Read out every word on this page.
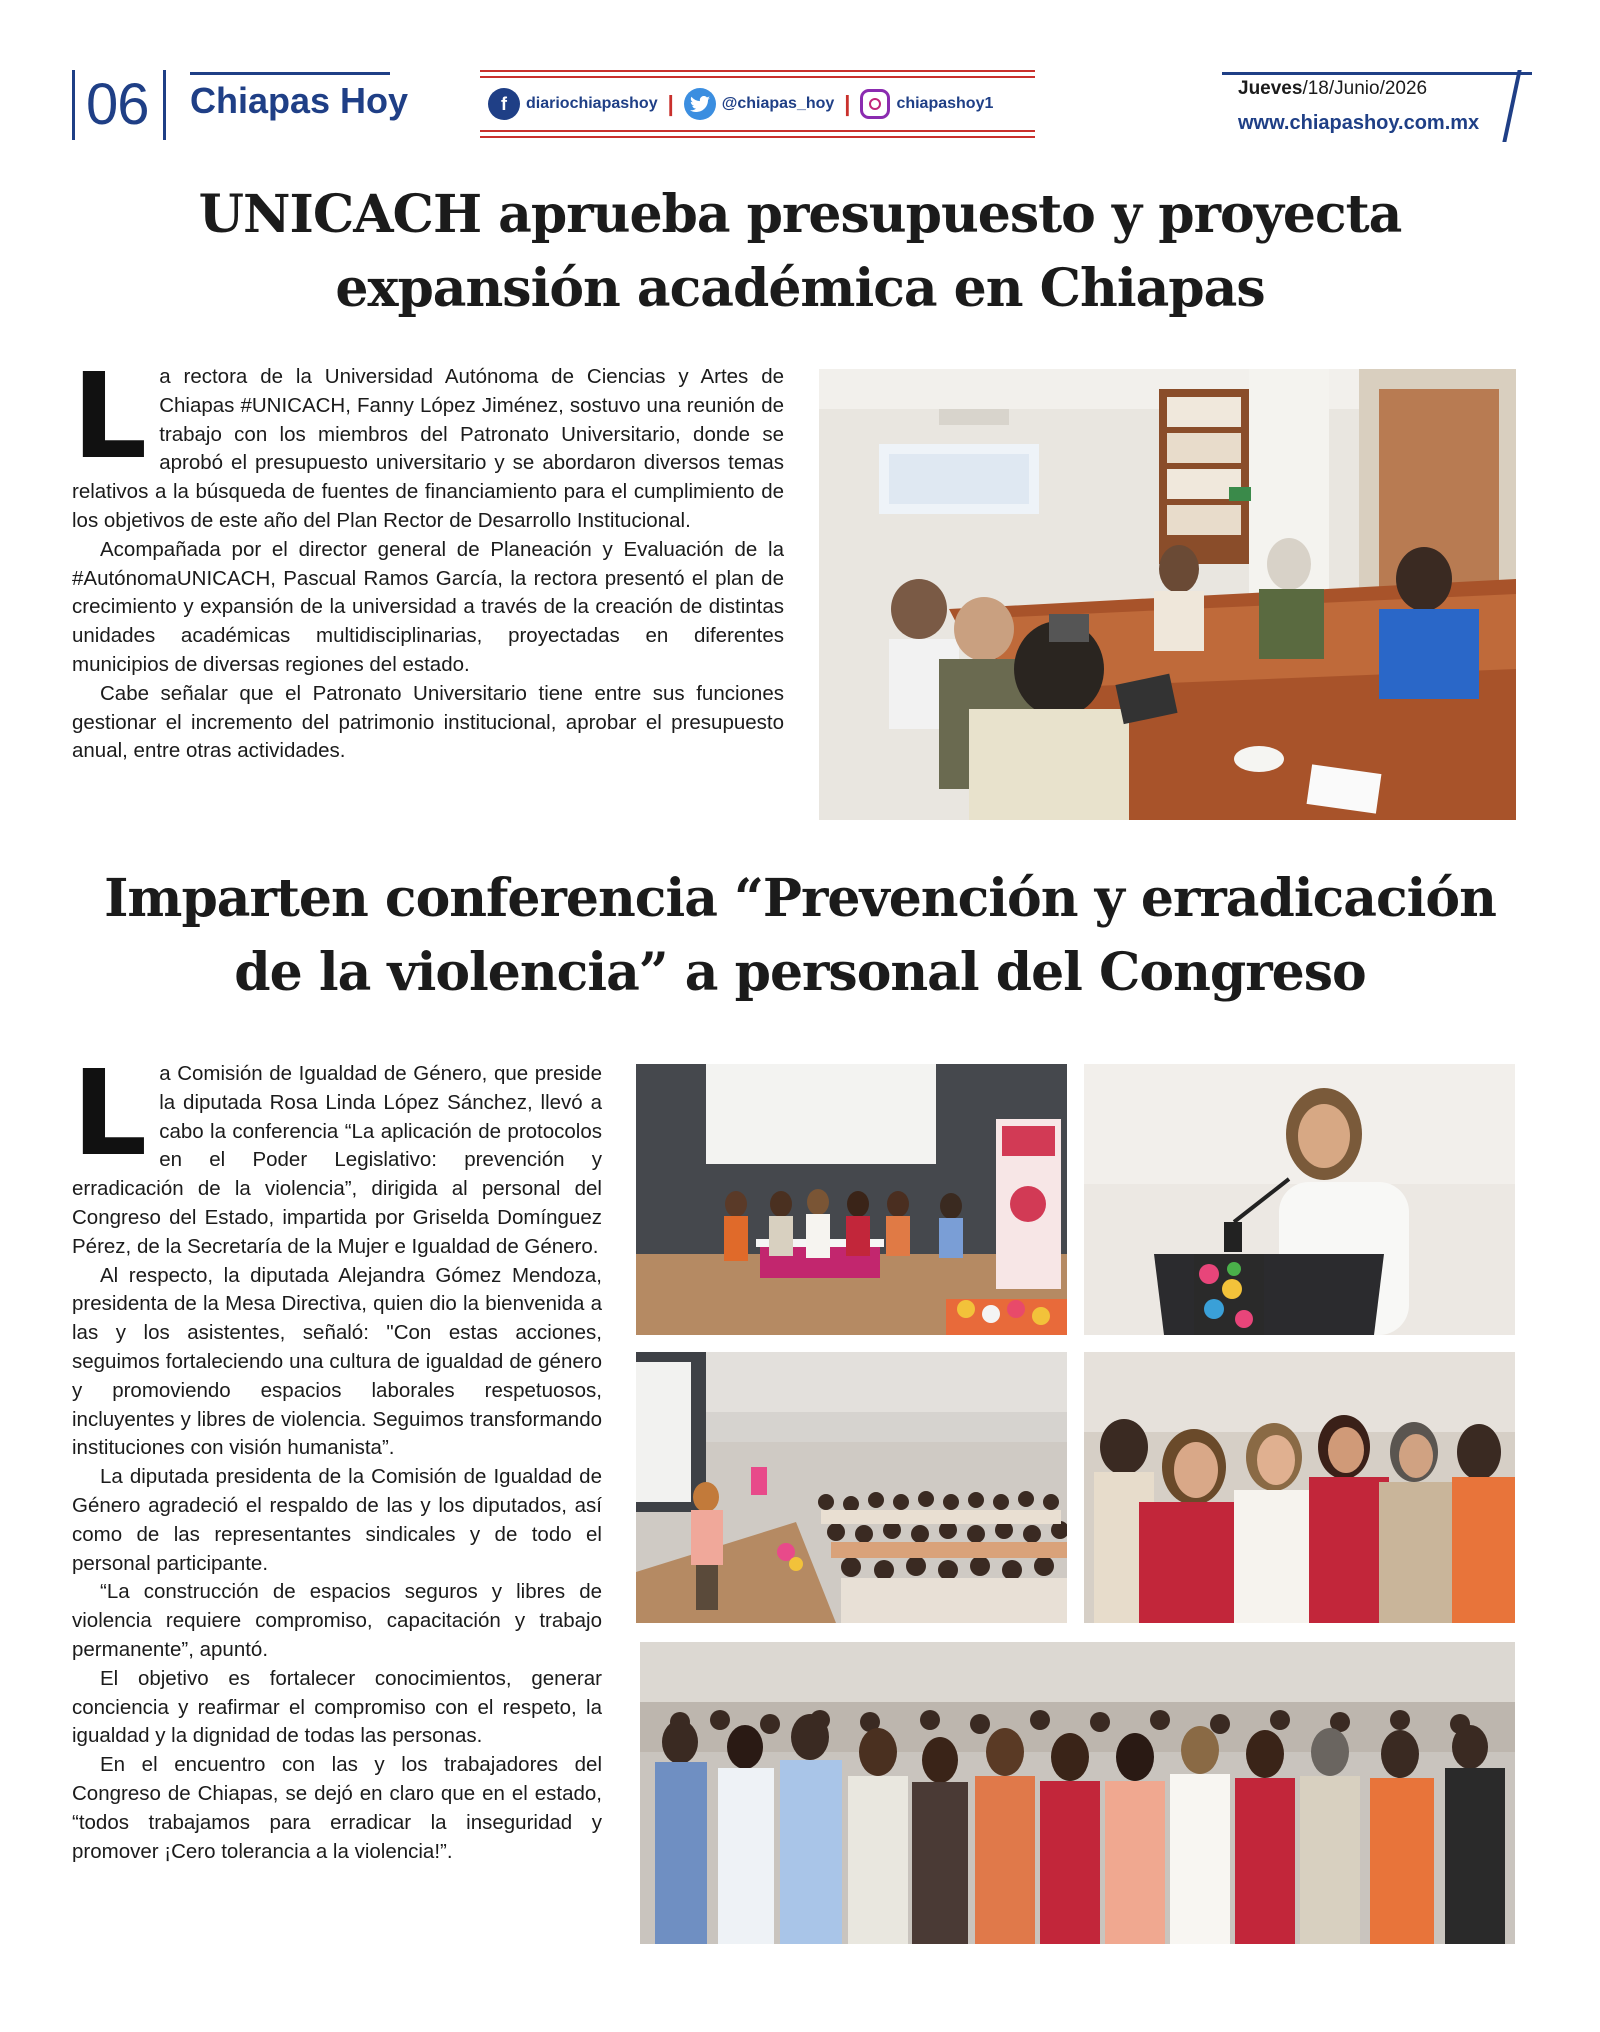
06 Chiapas Hoy	f	diariochiapashoy |	@chiapas_hoy |	chiapashoy1
Jueves/18/Junio/2026
www.chiapashoy.com.mx
UNICACH aprueba presupuesto y proyecta
expansión académica en Chiapas

La rectora de la Universidad Autónoma de Ciencias y Artes de Chiapas #UNICACH, Fanny López Jiménez, sostuvo una reunión de trabajo con los miembros del Patronato Universitario, donde se aprobó el presupuesto universitario y se abordaron diversos temas relativos a la búsqueda de fuentes de financiamiento para el cumplimiento de los objetivos de este año del Plan Rector de Desarrollo Institucional.

Acompañada por el director general de Planeación y Evaluación de la #AutónomaUNICACH, Pascual Ramos García, la rectora presentó el plan de crecimiento y expansión de la universidad a través de la creación de distintas unidades académicas multidisciplinarias, proyectadas en diferentes municipios de diversas regiones del estado.

Cabe señalar que el Patronato Universitario tiene entre sus funciones gestionar el incremento del patrimonio institucional, aprobar el presupuesto anual, entre otras actividades.

Imparten conferencia “Prevención y erradicación
de la violencia” a personal del Congreso

La Comisión de Igualdad de Género, que preside la diputada Rosa Linda López Sánchez, llevó a cabo la conferencia “La aplicación de protocolos en el Poder Legislativo: prevención y erradicación de la violencia”, dirigida al personal del Congreso del Estado, impartida por Griselda Domínguez Pérez, de la Secretaría de la Mujer e Igualdad de Género.

Al respecto, la diputada Alejandra Gómez Mendoza, presidenta de la Mesa Directiva, quien dio la bienvenida a las y los asistentes, señaló: "Con estas acciones, seguimos fortaleciendo una cultura de igualdad de género y promoviendo espacios laborales respetuosos, incluyentes y libres de violencia. Seguimos transformando instituciones con visión humanista”.

La diputada presidenta de la Comisión de Igualdad de Género agradeció el respaldo de las y los diputados, así como de las representantes sindicales y de todo el personal participante.

“La construcción de espacios seguros y libres de violencia requiere compromiso, capacitación y trabajo permanente”, apuntó.

El objetivo es fortalecer conocimientos, generar conciencia y reafirmar el compromiso con el respeto, la igualdad y la dignidad de todas las personas.

En el encuentro con las y los trabajadores del Congreso de Chiapas, se dejó en claro que en el estado, “todos trabajamos para erradicar la inseguridad y promover ¡Cero tolerancia a la violencia!”.
